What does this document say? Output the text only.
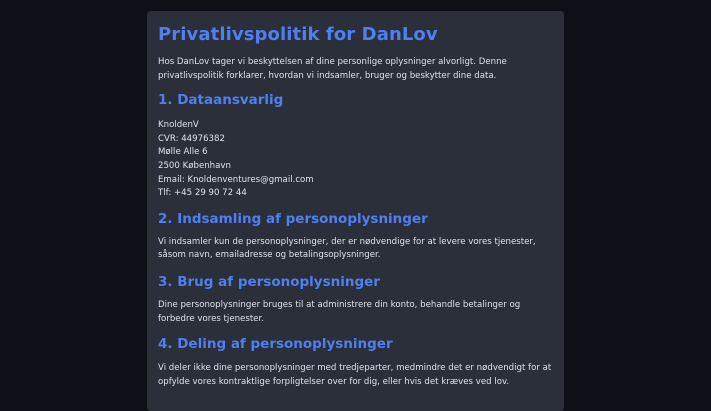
Privatlivspolitik for DanLov

Hos DanLov tager vi beskyttelsen af dine personlige oplysninger alvorligt. Denne privatlivspolitik forklarer, hvordan vi indsamler, bruger og beskytter dine data.

1. Dataansvarlig
KnoldenV
CVR: 44976382
Mølle Alle 6
2500 København
Email: Knoldenventures@gmail.com
Tlf: +45 29 90 72 44
2. Indsamling af personoplysninger

Vi indsamler kun de personoplysninger, der er nødvendige for at levere vores tjenester, såsom navn, emailadresse og betalingsoplysninger.

3. Brug af personoplysninger

Dine personoplysninger bruges til at administrere din konto, behandle betalinger og forbedre vores tjenester.

4. Deling af personoplysninger

Vi deler ikke dine personoplysninger med tredjeparter, medmindre det er nødvendigt for at opfylde vores kontraktlige forpligtelser over for dig, eller hvis det kræves ved lov.
